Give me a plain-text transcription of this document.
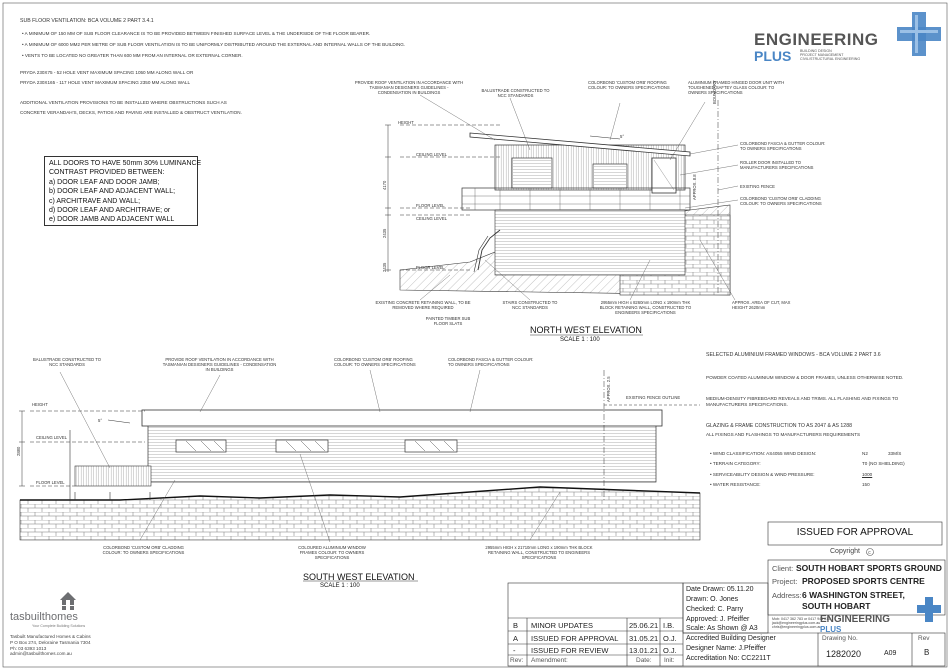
c
SUB FLOOR VENTILATION: BCA VOLUME 2 PART 3.4.1
• A MINIMUM OF 150 MM OF SUB FLOOR CLEARANCE IS TO BE PROVIDED BETWEEN FINISHED SURFACE LEVEL & THE UNDERSIDE OF THE FLOOR BEARER.
• A MINIMUM OF 6000 MM2 PER METRE OF SUB FLOOR VENTILATION IS TO BE UNIFORMLY DISTRIBUTED AROUND THE EXTERNAL AND INTERNAL WALLS OF THE BUILDING.
• VENTS TO BE LOCATED NO GREATER THAN 600 MM FROM AN INTERNAL OR EXTERNAL CORNER.
PRYDA 230X75 - 52 HOLE VENT MAXIMUM SPACING 1050 MM ALONG WALL OR
PRYDA 230X165 - 117 HOLE VENT MAXIMUM SPACING 2350 MM ALONG WALL
ADDITIONAL VENTILATION PROVISIONS TO BE INSTALLED WHERE OBSTRUCTIONS SUCH AS
CONCRETE VERANDAH'S, DECKS, PATIOS AND PAVING ARE INSTALLED & OBSTRUCT VENTILATION.
ALL DOORS TO HAVE 50mm 30% LUMINANCE
CONTRAST PROVIDED BETWEEN:
a) DOOR LEAF AND DOOR JAMB;
b) DOOR LEAF AND ADJACENT WALL;
c) ARCHITRAVE AND WALL;
d) DOOR LEAF AND ARCHITRAVE; or
e) DOOR JAMB AND ADJACENT WALL
ENGINEERING
PLUS BUILDING DESIGN
PROJECT MANAGEMENT
CIVIL/STRUCTURAL ENGINEERING
PROVIDE ROOF VENTILATION IN ACCORDANCE WITH TASMANIAN DESIGNERS GUIDELINES - CONDENSATION IN BUILDINGS	BALUSTRADE CONSTRUCTED TO NCC STANDARDS
COLORBOND 'CUSTOM ORB' ROOFING COLOUR: TO OWNERS SPECIFICATIONS
ALUMINIUM FRAMED HINGED DOOR UNIT WITH TOUGHENED SAFTEY GLASS COLOUR: TO OWNERS SPECIFICATIONS
COLORBOND FASCIA & GUTTER COLOUR: TO OWNERS SPECIFICATIONS
ROLLER DOOR INSTALLED TO MANUFACTURERS SPECIFICATIONS
EXISTING FENCE
COLORBOND 'CUSTOM ORB' CLADDING COLOUR: TO OWNERS SPECIFICATIONS
EXISTING CONCRETE RETAINING WALL, TO BE REMOVED WHERE REQUIRED
PAINTED TIMBER SUB FLOOR SLATS
STAIRS CONSTRUCTED TO NCC STANDARDS
2955mm HIGH x 8260mm LONG x 190mm THK BLOCK RETAINING WALL, CONSTRUCTED TO ENGINEERS SPECIFICATIONS
APPROX. AREA OF CUT, MAX HEIGHT 2620mm
HEIGHT
CEILING LEVEL
FLOOR LEVEL
CEILING LEVEL
FLOOR LEVEL
5°
BOUNDARY
APPROX. 8.8
4170
2435
2435
NORTH WEST ELEVATION
SCALE 1 : 100
BALUSTRADE CONSTRUCTED TO NCC STANDARDS
PROVIDE ROOF VENTILATION IN ACCORDANCE WITH TASMANIAN DESIGNERS GUIDELINES - CONDENSATION IN BUILDINGS
COLORBOND 'CUSTOM ORB' ROOFING COLOUR: TO OWNERS SPECIFICATIONS
COLORBOND FASCIA & GUTTER COLOUR: TO OWNERS SPECIFICATIONS
COLORBOND 'CUSTOM ORB' CLADDING COLOUR: TO OWNERS SPECIFICATIONS
COLOURED ALUMINIUM WINDOW FRAMES COLOUR: TO OWNERS SPECIFICATIONS
2955mm HIGH x 21710mm LONG x 190mm THK BLOCK RETAINING WALL, CONSTRUCTED TO ENGINEERS SPECIFICATIONS
HEIGHT
CEILING LEVEL
FLOOR LEVEL
5°
EXISTING FENCE OUTLINE
APPROX. 2.5
2880
SOUTH WEST ELEVATION
SCALE 1 : 100
SELECTED ALUMINIUM FRAMED WINDOWS - BCA VOLUME 2 PART 3.6
POWDER COATED ALUMINIUM WINDOW & DOOR FRAMES, UNLESS OTHERWISE NOTED.
MEDIUM-DENSITY FIBREBOARD REVEALS AND TRIMS. ALL FLASHING AND FIXINGS TO MANUFACTURERS SPECIFICATIONS.
GLAZING & FRAME CONSTRUCTION TO AS 2047 & AS 1288
ALL FIXINGS AND FLASHINGS TO MANUFACTURERS REQUIREMENTS
• WIND CLASSIFICATION: AS4055 WIND DESIGN:	N2	33M/S
• TERRAIN CATEGORY:	T0 (NO SHIELDING)
• SERVICEABILITY DESIGN & WIND PRESSURE:	1000
• WATER RESISTANCE:	150
ISSUED FOR APPROVAL
Copyright
Client: SOUTH HOBART SPORTS GROUND
Project: PROPOSED SPORTS CENTRE
Address: 6 WASHINGTON STREET,
SOUTH HOBART
Date Drawn: 05.11.20
Drawn: O. Jones
Checked: C. Parry
Approved: J. Pfeiffer
Scale: As Shown @ A3
Accredited Building Designer
Designer Name: J.Pfeiffer
Accreditation No: CC2211T
Mob: 0417 362 783 or 0417 946 613
jack@engineeringplus.com.au
chris@engineeringplus.com.au
ENGINEERING
PLUS
Drawing No.
1282020	A09
Rev
B
B MINOR UPDATES	25.06.21 I.B.
A ISSUED FOR APPROVAL 31.05.21 O.J.
- ISSUED FOR REVIEW	13.01.21 O.J.
Rev: Amendment:	Date: Init:
tasbuilthomes
Your Complete Building Solutions
Tasbuilt Manufactured Homes & Cabins
P O Box 274, Deloraine Tasmania 7304
Ph: 03 6393 1013
admin@tasbuilthomes.com.au
